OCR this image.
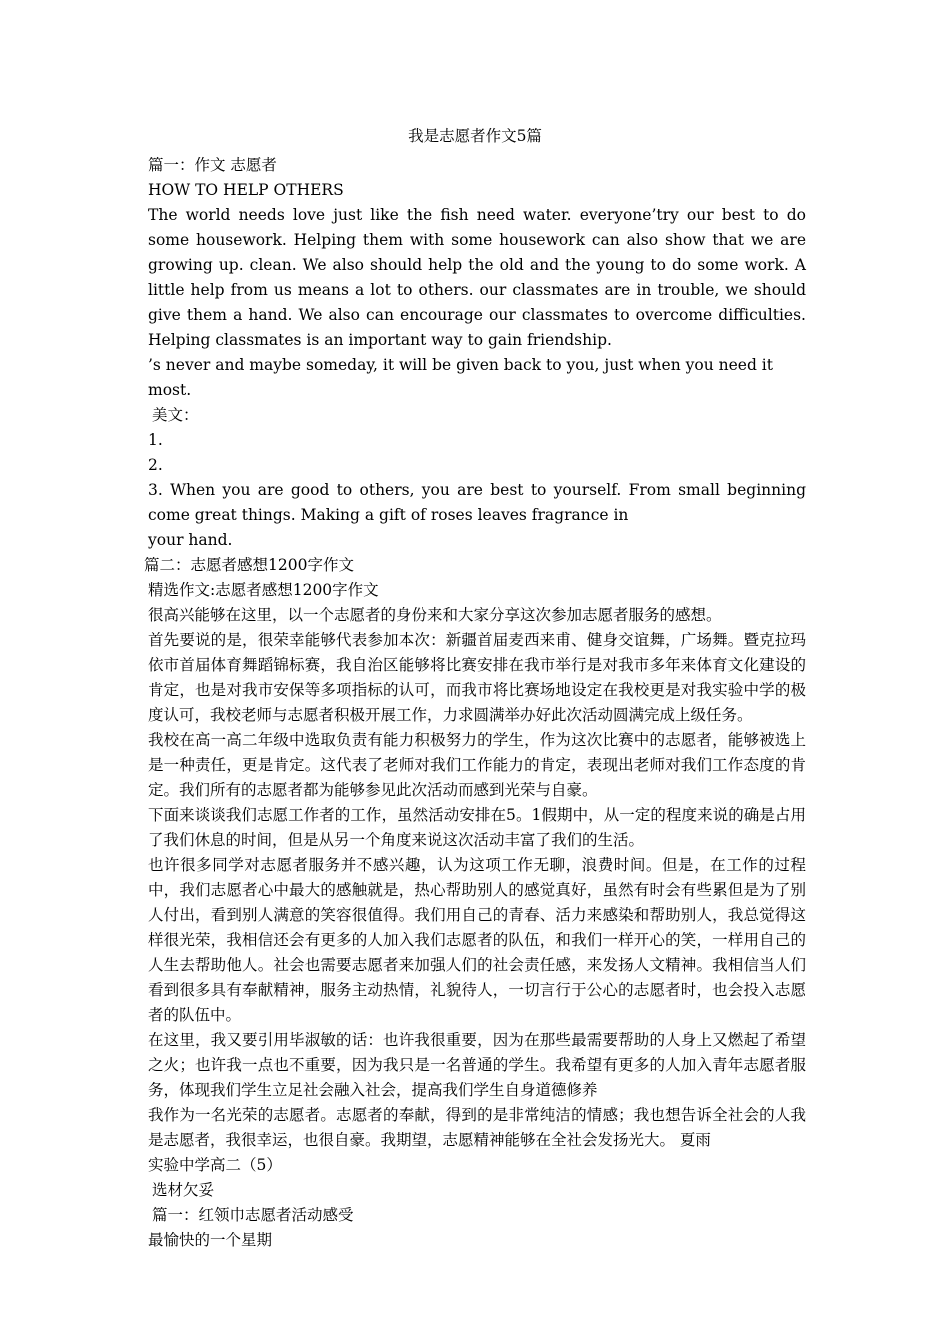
我是志愿者作文5篇

篇一：作文 志愿者

HOW TO HELP OTHERS

The world needs love just like the fish need water. everyone’try our best to do some housework. Helping them with some housework can also show that we are growing up. clean. We also should help the old and the young to do some work. A little help from us means a lot to others. our classmates are in trouble, we should give them a hand. We also can encourage our classmates to overcome difficulties. Helping classmates is an important way to gain friendship.

’s never and maybe someday, it will be given back to you, just when you need it most.

美文：

1.

2.

3. When you are good to others, you are best to yourself. From small beginning come great things. Making a gift of roses leaves fragrance in

your hand.

篇二：志愿者感想1200字作文

精选作文:志愿者感想1200字作文

很高兴能够在这里，以一个志愿者的身份来和大家分享这次参加志愿者服务的感想。

首先要说的是，很荣幸能够代表参加本次：新疆首届麦西来甫、健身交谊舞，广场舞。暨克拉玛依市首届体育舞蹈锦标赛，我自治区能够将比赛安排在我市举行是对我市多年来体育文化建设的肯定，也是对我市安保等多项指标的认可，而我市将比赛场地设定在我校更是对我实验中学的极度认可，我校老师与志愿者积极开展工作，力求圆满举办好此次活动圆满完成上级任务。

我校在高一高二年级中选取负责有能力积极努力的学生，作为这次比赛中的志愿者，能够被选上是一种责任，更是肯定。这代表了老师对我们工作能力的肯定，表现出老师对我们工作态度的肯定。我们所有的志愿者都为能够参见此次活动而感到光荣与自豪。

下面来谈谈我们志愿工作者的工作，虽然活动安排在5。1假期中，从一定的程度来说的确是占用了我们休息的时间，但是从另一个角度来说这次活动丰富了我们的生活。

也许很多同学对志愿者服务并不感兴趣，认为这项工作无聊，浪费时间。但是，在工作的过程中，我们志愿者心中最大的感触就是，热心帮助别人的感觉真好，虽然有时会有些累但是为了别人付出，看到别人满意的笑容很值得。我们用自己的青春、活力来感染和帮助别人，我总觉得这样很光荣，我相信还会有更多的人加入我们志愿者的队伍，和我们一样开心的笑，一样用自己的人生去帮助他人。社会也需要志愿者来加强人们的社会责任感，来发扬人文精神。我相信当人们看到很多具有奉献精神，服务主动热情，礼貌待人，一切言行于公心的志愿者时，也会投入志愿者的队伍中。

在这里，我又要引用毕淑敏的话：也许我很重要，因为在那些最需要帮助的人身上又燃起了希望之火；也许我一点也不重要，因为我只是一名普通的学生。我希望有更多的人加入青年志愿者服务，体现我们学生立足社会融入社会，提高我们学生自身道德修养

我作为一名光荣的志愿者。志愿者的奉献，得到的是非常纯洁的情感；我也想告诉全社会的人我是志愿者，我很幸运，也很自豪。我期望，志愿精神能够在全社会发扬光大。 夏雨

实验中学高二（5）

选材欠妥

篇一：红领巾志愿者活动感受

最愉快的一个星期
